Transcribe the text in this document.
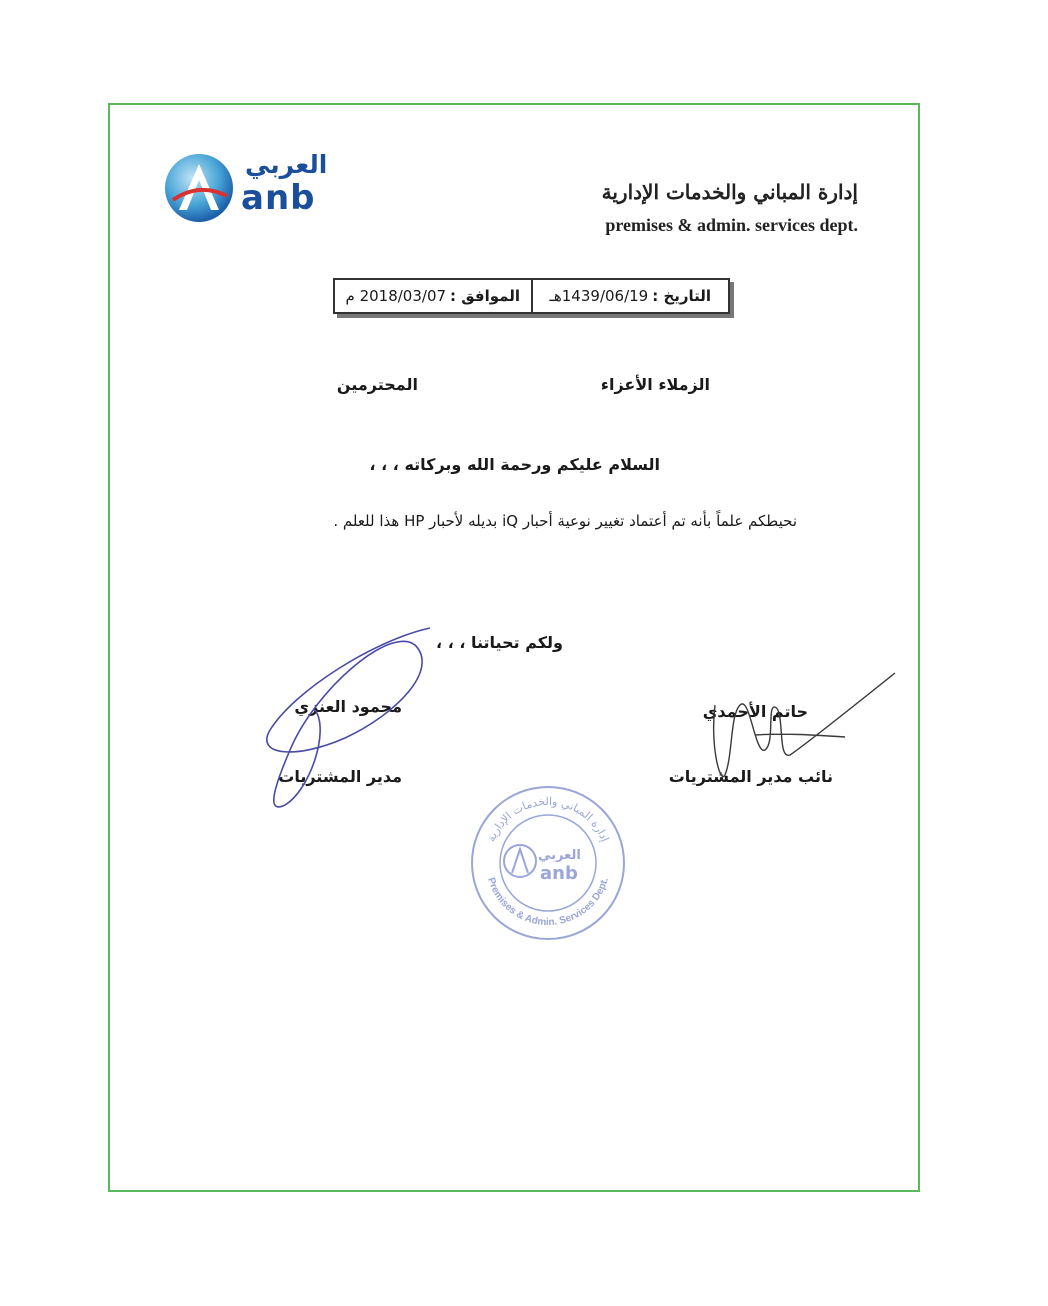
العربي
anb	إدارة المباني والخدمات الإدارية
premises & admin. services dept.
التاريخ :
1439/06/19هـ
الموافق :
2018/03/07 م
الزملاء الأعزاء
المحترمين
السلام عليكم ورحمة الله وبركاته ، ، ،
نحيطكم علماً بأنه تم أعتماد تغيير نوعية أحبار iQ بديله لأحبار HP هذا للعلم .
ولكم تحياتنا ، ، ،
حاتم الأحمدي
نائب مدير المشتريات
محمود العنزي
مدير المشتريات
العربي
anb
إدارة المباني والخدمات الإدارية
Premises & Admin. Services Dept.
